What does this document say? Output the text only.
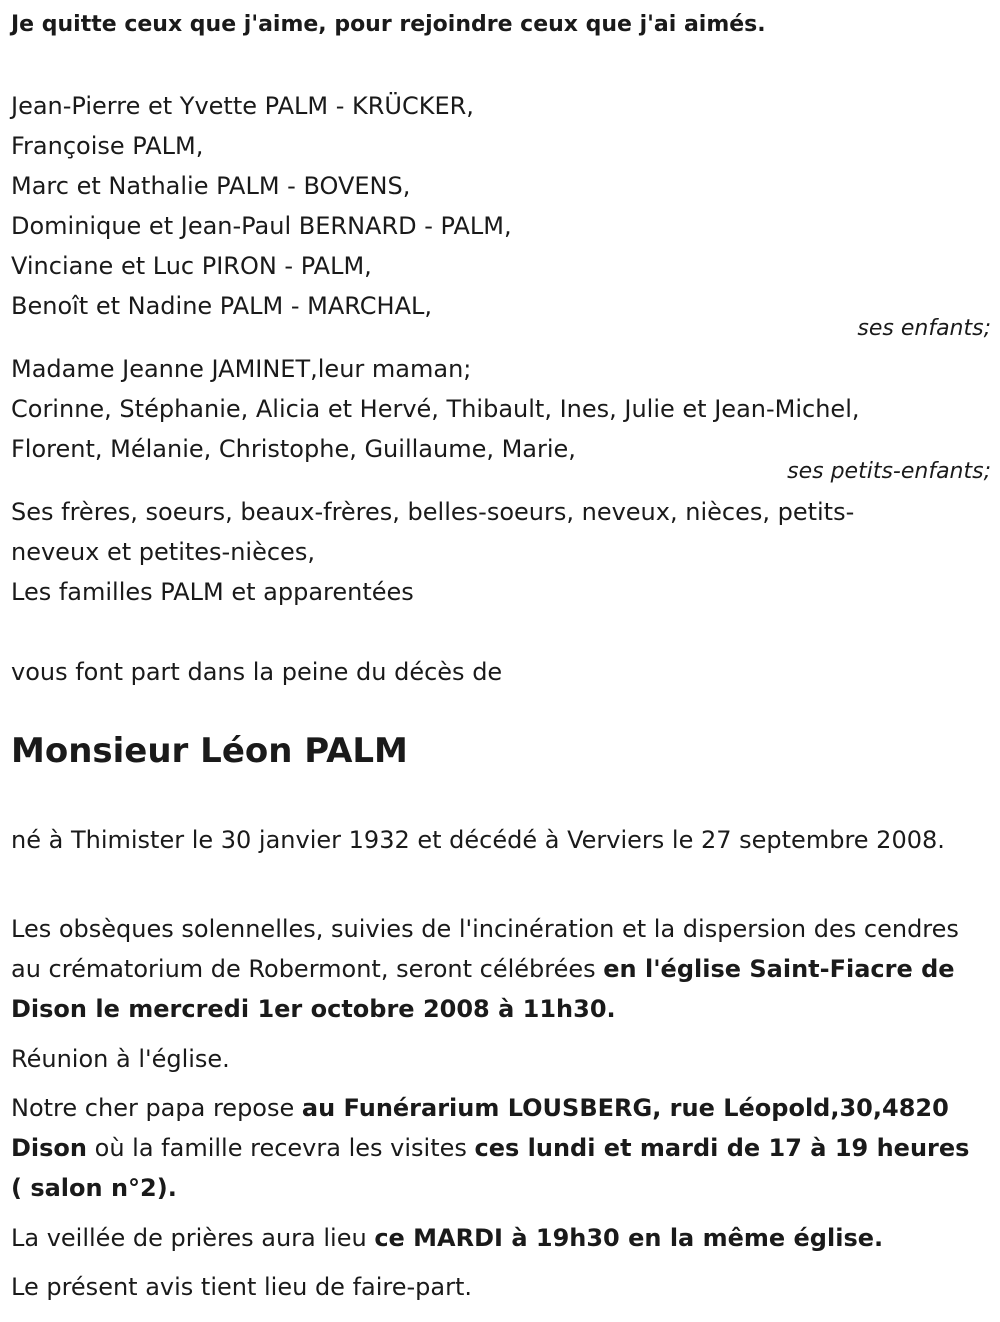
Je quitte ceux que j'aime, pour rejoindre ceux que j'ai aimés.
Jean-Pierre et Yvette PALM - KRÜCKER,
Françoise PALM,
Marc et Nathalie PALM - BOVENS,
Dominique et Jean-Paul BERNARD - PALM,
Vinciane et Luc PIRON - PALM,
Benoît et Nadine PALM - MARCHAL,
ses enfants;
Madame Jeanne JAMINET,leur maman;
Corinne, Stéphanie, Alicia et Hervé, Thibault, Ines, Julie et Jean-Michel,
Florent, Mélanie, Christophe, Guillaume, Marie,
ses petits-enfants;
Ses frères, soeurs, beaux-frères, belles-soeurs, neveux, nièces, petits-
neveux et petites-nièces,
Les familles PALM et apparentées
vous font part dans la peine du décès de
Monsieur Léon PALM
né à Thimister le 30 janvier 1932 et décédé à Verviers le 27 septembre 2008.
Les obsèques solennelles, suivies de l'incinération et la dispersion des cendres au crématorium de Robermont, seront célébrées en l'église Saint-Fiacre de Dison le mercredi 1er octobre 2008 à 11h30.
Réunion à l'église.
Notre cher papa repose au Funérarium LOUSBERG, rue Léopold,30,4820 Dison où la famille recevra les visites ces lundi et mardi de 17 à 19 heures ( salon n°2).
La veillée de prières aura lieu ce MARDI à 19h30 en la même église.
Le présent avis tient lieu de faire-part.
